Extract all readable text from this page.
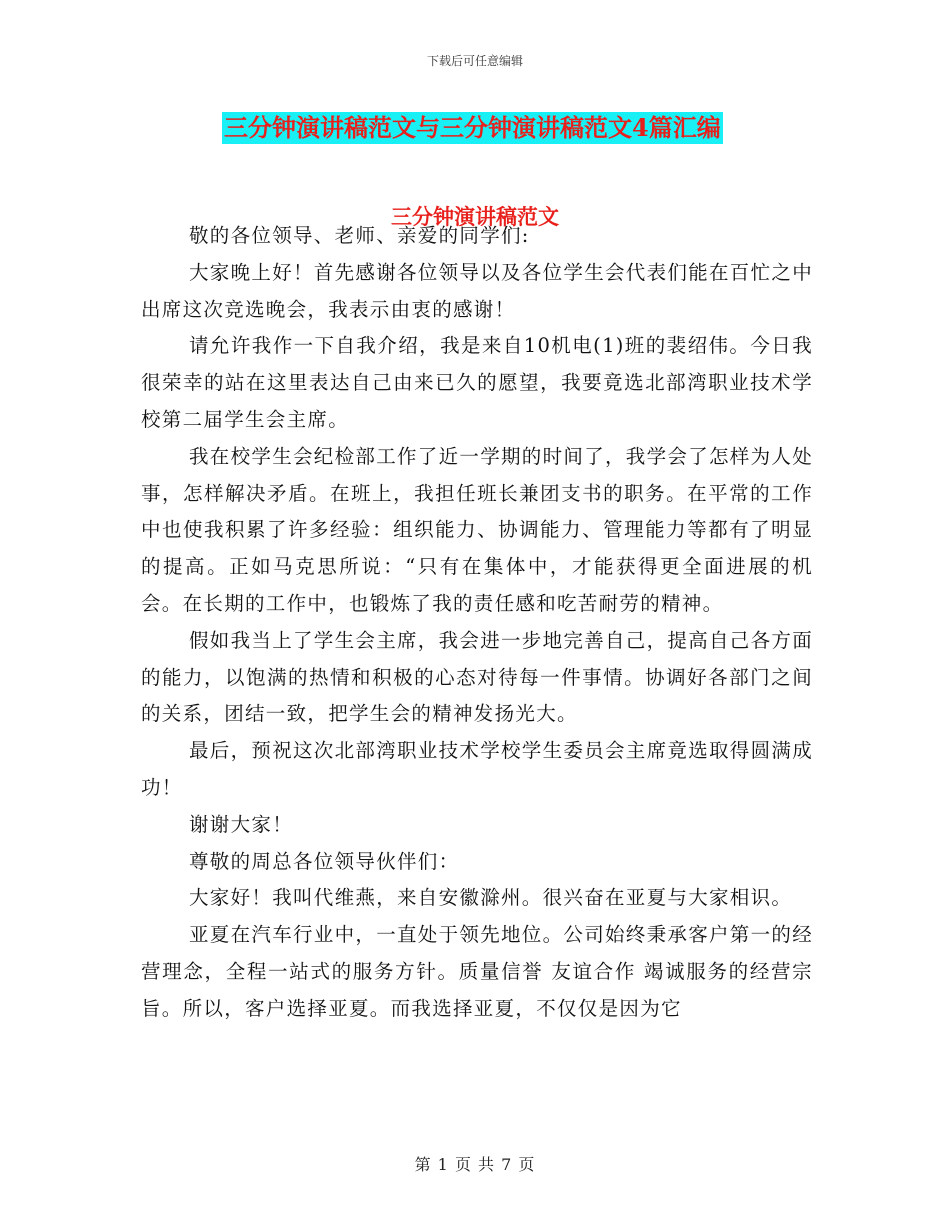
下载后可任意编辑
三分钟演讲稿范文与三分钟演讲稿范文4篇汇编
三分钟演讲稿范文

敬的各位领导、老师、亲爱的同学们:

大家晚上好！首先感谢各位领导以及各位学生会代表们能在百忙之中出席这次竞选晚会，我表示由衷的感谢！

请允许我作一下自我介绍，我是来自10机电(1)班的裴绍伟。今日我很荣幸的站在这里表达自己由来已久的愿望，我要竟选北部湾职业技术学校第二届学生会主席。

我在校学生会纪检部工作了近一学期的时间了，我学会了怎样为人处事，怎样解决矛盾。在班上，我担任班长兼团支书的职务。在平常的工作中也使我积累了许多经验：组织能力、协调能力、管理能力等都有了明显的提高。正如马克思所说：“只有在集体中，才能获得更全面进展的机会。在长期的工作中，也锻炼了我的责任感和吃苦耐劳的精神。

假如我当上了学生会主席，我会进一步地完善自己，提高自己各方面的能力，以饱满的热情和积极的心态对待每一件事情。协调好各部门之间的关系，团结一致，把学生会的精神发扬光大。

最后，预祝这次北部湾职业技术学校学生委员会主席竟选取得圆满成功！

谢谢大家！

尊敬的周总各位领导伙伴们：

大家好！我叫代维燕，来自安徽滁州。很兴奋在亚夏与大家相识。

亚夏在汽车行业中，一直处于领先地位。公司始终秉承客户第一的经营理念，全程一站式的服务方针。质量信誉 友谊合作 竭诚服务的经营宗旨。所以，客户选择亚夏。而我选择亚夏，不仅仅是因为它

第 1 页 共 7 页
